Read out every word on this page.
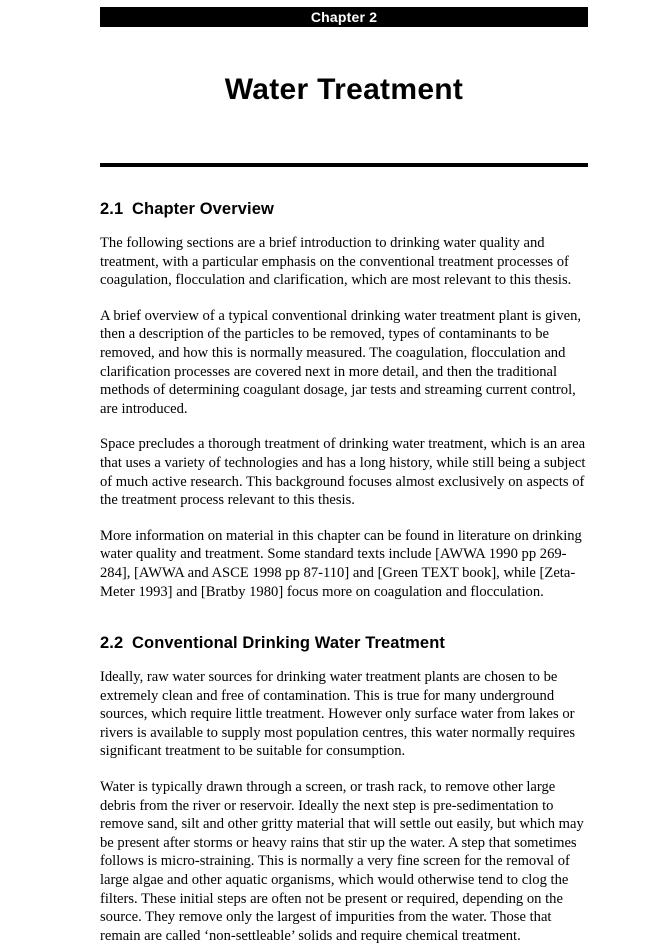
Chapter 2
Water Treatment
2.1 Chapter Overview

The following sections are a brief introduction to drinking water quality and treatment, with a particular emphasis on the conventional treatment processes of coagulation, flocculation and clarification, which are most relevant to this thesis.

A brief overview of a typical conventional drinking water treatment plant is given, then a description of the particles to be removed, types of contaminants to be removed, and how this is normally measured. The coagulation, flocculation and clarification processes are covered next in more detail, and then the traditional methods of determining coagulant dosage, jar tests and streaming current control, are introduced.

Space precludes a thorough treatment of drinking water treatment, which is an area that uses a variety of technologies and has a long history, while still being a subject of much active research. This background focuses almost exclusively on aspects of the treatment process relevant to this thesis.

More information on material in this chapter can be found in literature on drinking water quality and treatment. Some standard texts include [AWWA 1990 pp 269-284], [AWWA and ASCE 1998 pp 87-110] and [Green TEXT book], while [Zeta-Meter 1993] and [Bratby 1980] focus more on coagulation and flocculation.

2.2 Conventional Drinking Water Treatment

Ideally, raw water sources for drinking water treatment plants are chosen to be extremely clean and free of contamination. This is true for many underground sources, which require little treatment. However only surface water from lakes or rivers is available to supply most population centres, this water normally requires significant treatment to be suitable for consumption.

Water is typically drawn through a screen, or trash rack, to remove other large debris from the river or reservoir. Ideally the next step is pre-sedimentation to remove sand, silt and other gritty material that will settle out easily, but which may be present after storms or heavy rains that stir up the water. A step that sometimes follows is micro-straining. This is normally a very fine screen for the removal of large algae and other aquatic organisms, which would otherwise tend to clog the filters. These initial steps are often not be present or required, depending on the source. They remove only the largest of impurities from the water. Those that remain are called ‘non-settleable’ solids and require chemical treatment.
